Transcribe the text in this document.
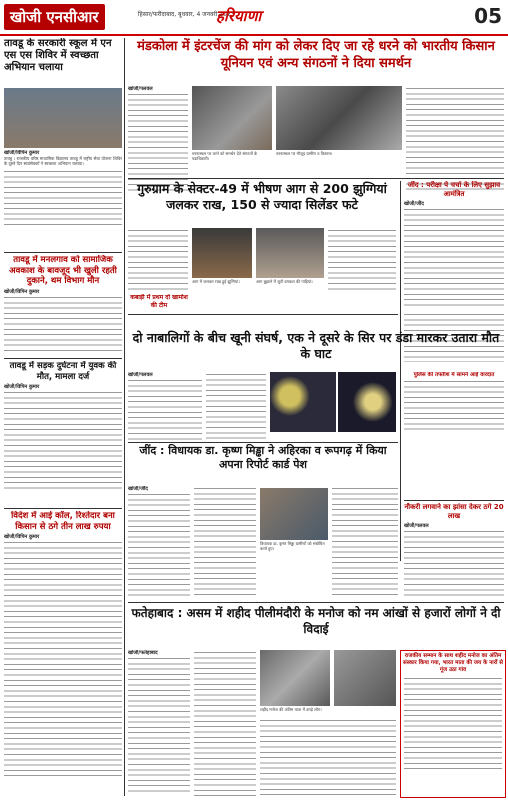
खोजी एनसीआर	हिसार/फरीदाबाद, बुधवार, 4 जनवरी 2023
हरियाणा	05
तावडू के सरकारी स्कूल में एन एस एस शिविर में स्वच्छता अभियान चलाया
खोजी/विपिन कुमार
तावडू । राजकीय वरिष्ठ माध्यमिक विद्यालय तावडू में राष्ट्रीय सेवा योजना शिविर के दूसरे दिन स्वयंसेवकों ने स्वच्छता अभियान चलाया।
तावडू में मनलगाव को सामाजिक अवकाश के बावजूद भी खुली रहती दुकाने, थम विभाग मौन
खोजी/विपिन कुमार
तावडू में सड़क दुर्घटना में युवक की मौत, मामला दर्ज
खोजी/विपिन कुमार
विदेश में आई कॉल, रिश्तेदार बना किसान से ठगे तीन लाख रुपया
खोजी/विपिन कुमार
मंडकोला में इंटरचेंज की मांग को लेकर दिए जा रहे धरने को भारतीय किसान यूनियन एवं अन्य संगठनों ने दिया समर्थन
खोजी/पलवल
धरनास्थल पर धरने को समर्थन देते संगठनों के पदाधिकारी।
धरनास्थल पर मौजूद ग्रामीण व किसान।
गुरुग्राम के सेक्टर-49 में भीषण आग से 200 झुग्गियां जलकर राख, 150 से ज्यादा सिलेंडर फटे
आग में जलकर राख हुई झुग्गियां।	आग बुझाने में जुटी दमकल की गाड़ियां।
कबाड़ी में प्रथम दो खामोश की टीम
जींद : परीक्षा पे चर्चा के लिए सुझाव आमंत्रित
खोजी/जींद
दो नाबालिगों के बीच खूनी संघर्ष, एक ने दूसरे के सिर पर डंडा मारकर उतारा मौत के घाट
खोजी/पलवल	पुलिस की तफ्तीश में सामने आई वारदात
नौकरी लगवाने का झांसा देकर ठगे 20 लाख
खोजी/पलवल
जींद : विधायक डा. कृष्ण मिड्ढा ने अहिरका व रूपगढ़ में किया अपना रिपोर्ट कार्ड पेश
खोजी/जींद
विधायक डा. कृष्ण मिड्ढा ग्रामीणों को संबोधित करते हुए।
फतेहाबाद : असम में शहीद पीलीमंदौरी के मनोज को नम आंखों से हजारों लोगों ने दी विदाई
खोजी/फतेहाबाद
शहीद मनोज की अंतिम यात्रा में उमड़े लोग।
राजकीय सम्मान के साथ शहीद मनोज का अंतिम संस्कार किया गया, भारत माता की जय के नारों से गूंज उठा गांव
